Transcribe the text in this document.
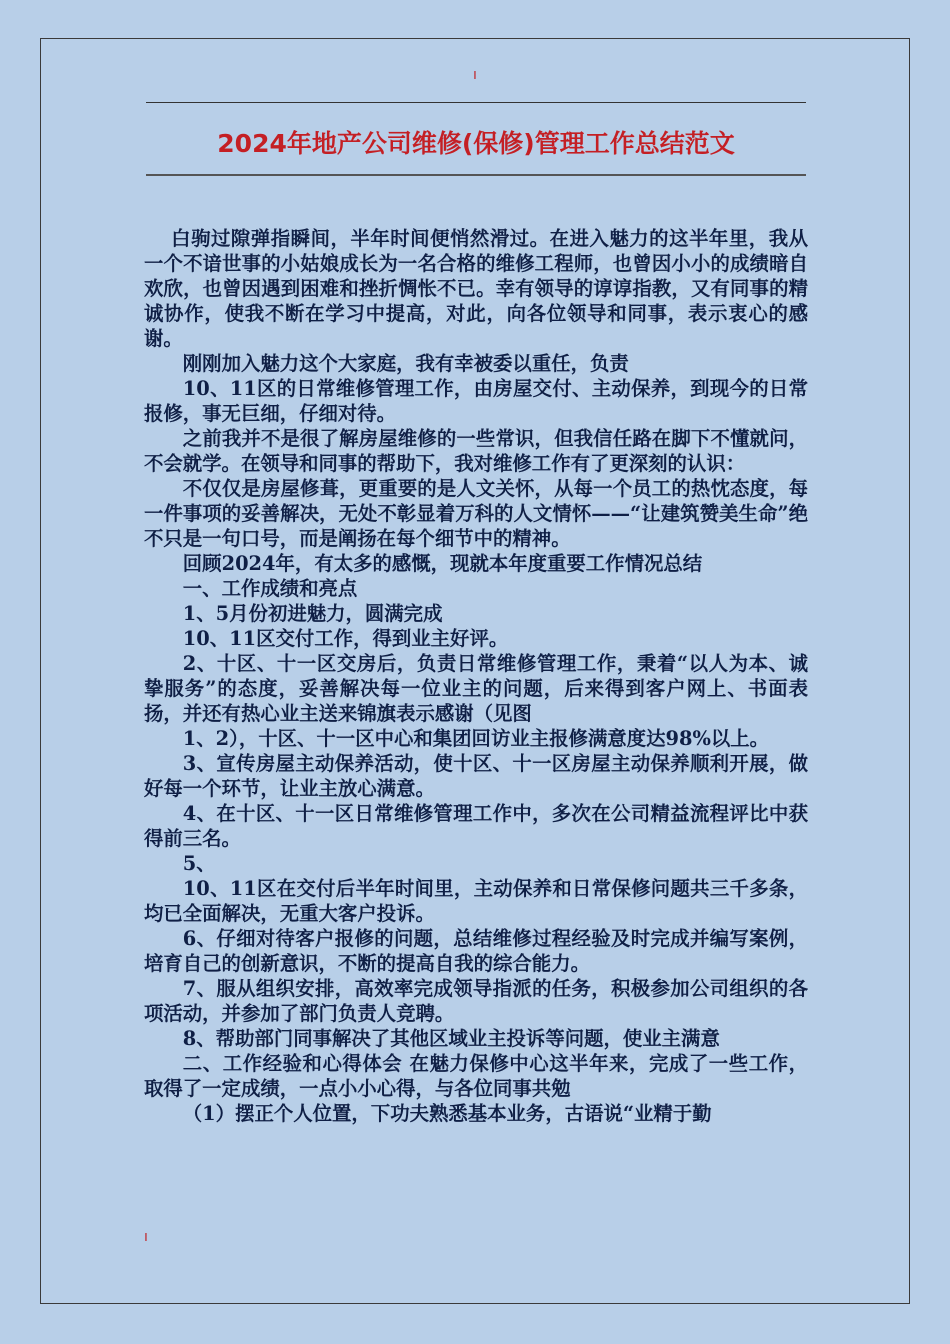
ı
2024年地产公司维修(保修)管理工作总结范文

白驹过隙弹指瞬间，半年时间便悄然滑过。在进入魅力的这半年里，我从一个不谙世事的小姑娘成长为一名合格的维修工程师，也曾因小小的成绩暗自欢欣，也曾因遇到困难和挫折惆怅不已。幸有领导的谆谆指教，又有同事的精诚协作，使我不断在学习中提高，对此，向各位领导和同事，表示衷心的感谢。

刚刚加入魅力这个大家庭，我有幸被委以重任，负责

10、11区的日常维修管理工作，由房屋交付、主动保养，到现今的日常报修，事无巨细，仔细对待。

之前我并不是很了解房屋维修的一些常识，但我信任路在脚下不懂就问，不会就学。在领导和同事的帮助下，我对维修工作有了更深刻的认识：

不仅仅是房屋修葺，更重要的是人文关怀，从每一个员工的热忱态度，每一件事项的妥善解决，无处不彰显着万科的人文情怀——“让建筑赞美生命”绝不只是一句口号，而是阐扬在每个细节中的精神。

回顾2024年，有太多的感慨，现就本年度重要工作情况总结

一、工作成绩和亮点

1、5月份初进魅力，圆满完成

10、11区交付工作，得到业主好评。

2、十区、十一区交房后，负责日常维修管理工作，秉着“以人为本、诚挚服务”的态度，妥善解决每一位业主的问题，后来得到客户网上、书面表扬，并还有热心业主送来锦旗表示感谢（见图

1、2），十区、十一区中心和集团回访业主报修满意度达98%以上。

3、宣传房屋主动保养活动，使十区、十一区房屋主动保养顺利开展，做好每一个环节，让业主放心满意。

4、在十区、十一区日常维修管理工作中，多次在公司精益流程评比中获得前三名。

5、

10、11区在交付后半年时间里，主动保养和日常保修问题共三千多条，均已全面解决，无重大客户投诉。

6、仔细对待客户报修的问题，总结维修过程经验及时完成并编写案例，培育自己的创新意识，不断的提高自我的综合能力。

7、服从组织安排，高效率完成领导指派的任务，积极参加公司组织的各项活动，并参加了部门负责人竞聘。

8、帮助部门同事解决了其他区域业主投诉等问题，使业主满意

二、工作经验和心得体会 在魅力保修中心这半年来，完成了一些工作，取得了一定成绩，一点小小心得，与各位同事共勉

（1）摆正个人位置，下功夫熟悉基本业务，古语说“业精于勤

ı
